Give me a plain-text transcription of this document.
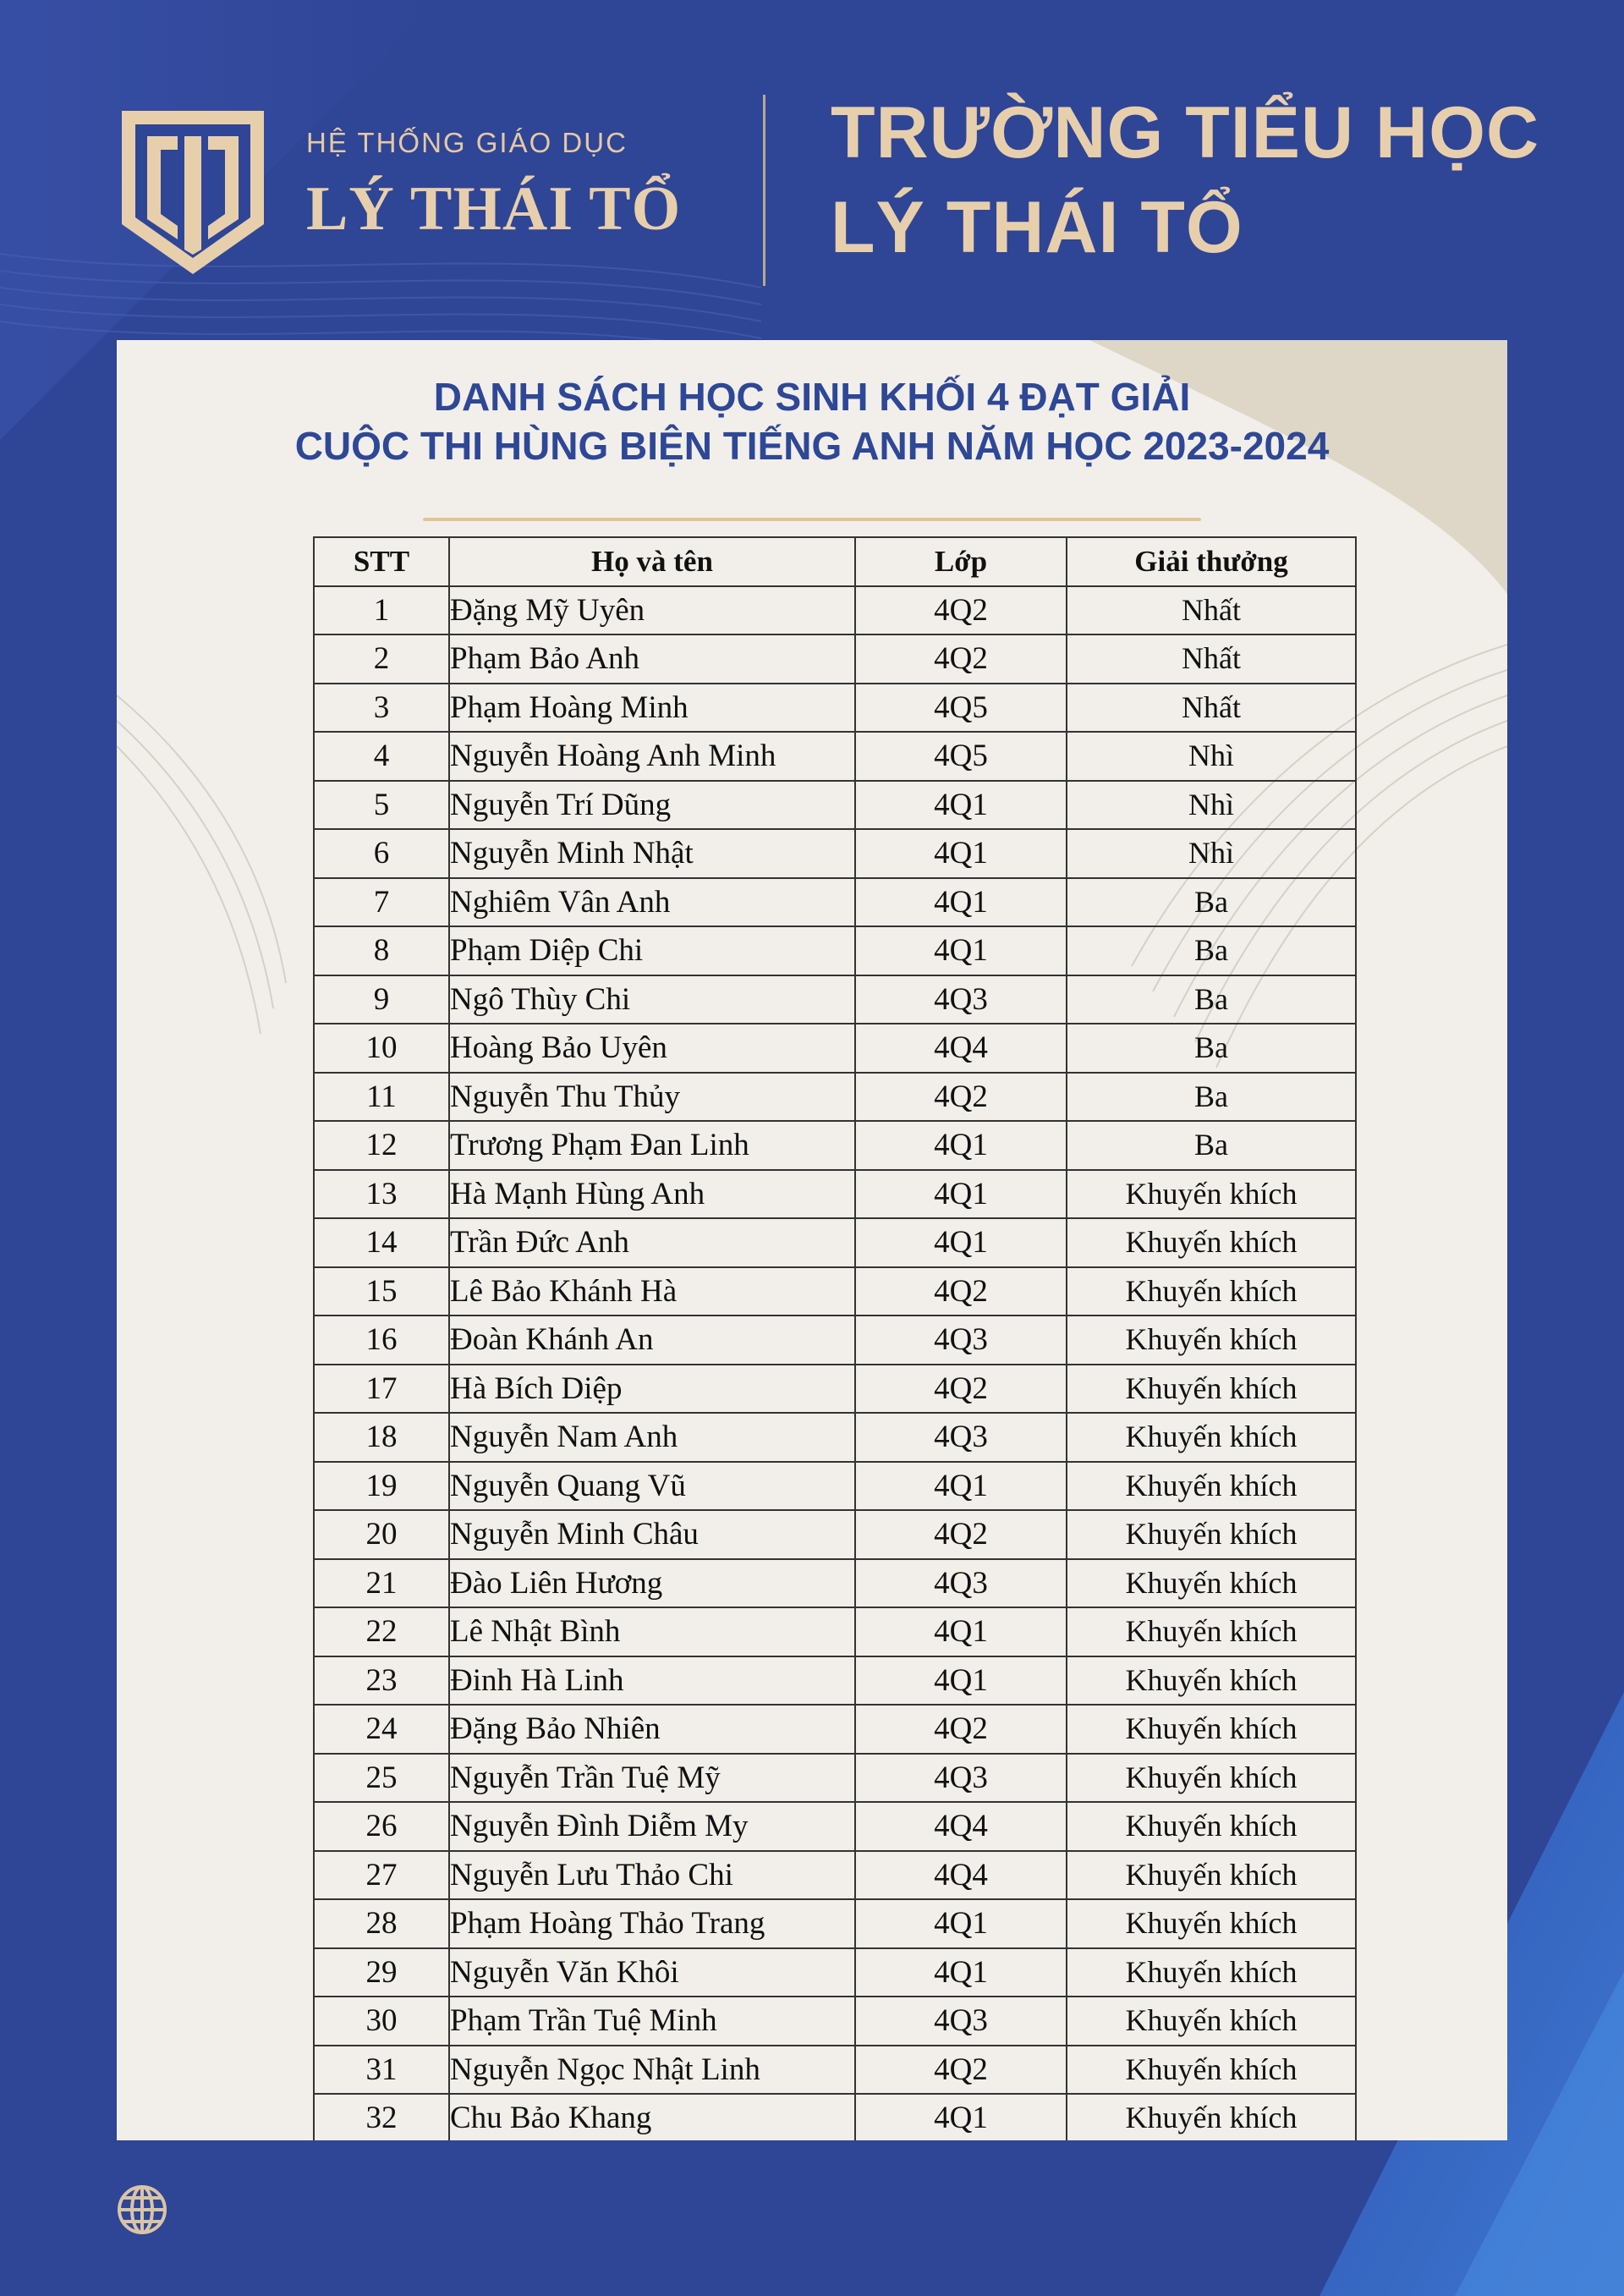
HỆ THỐNG GIÁO DỤC
LÝ THÁI TỔ
TRƯỜNG TIỂU HỌC
LÝ THÁI TỔ
DANH SÁCH HỌC SINH KHỐI 4 ĐẠT GIẢI
CUỘC THI HÙNG BIỆN TIẾNG ANH NĂM HỌC 2023-2024
STT	Họ và tên	Lớp	Giải thưởng
1	Đặng Mỹ Uyên	4Q2	Nhất
2	Phạm Bảo Anh	4Q2	Nhất
3	Phạm Hoàng Minh	4Q5	Nhất
4	Nguyễn Hoàng Anh Minh	4Q5	Nhì
5	Nguyễn Trí Dũng	4Q1	Nhì
6	Nguyễn Minh Nhật	4Q1	Nhì
7	Nghiêm Vân Anh	4Q1	Ba
8	Phạm Diệp Chi	4Q1	Ba
9	Ngô Thùy Chi	4Q3	Ba
10	Hoàng Bảo Uyên	4Q4	Ba
11	Nguyễn Thu Thủy	4Q2	Ba
12	Trương Phạm Đan Linh	4Q1	Ba
13	Hà Mạnh Hùng Anh	4Q1	Khuyến khích
14	Trần Đức Anh	4Q1	Khuyến khích
15	Lê Bảo Khánh Hà	4Q2	Khuyến khích
16	Đoàn Khánh An	4Q3	Khuyến khích
17	Hà Bích Diệp	4Q2	Khuyến khích
18	Nguyễn Nam Anh	4Q3	Khuyến khích
19	Nguyễn Quang Vũ	4Q1	Khuyến khích
20	Nguyễn Minh Châu	4Q2	Khuyến khích
21	Đào Liên Hương	4Q3	Khuyến khích
22	Lê Nhật Bình	4Q1	Khuyến khích
23	Đinh Hà Linh	4Q1	Khuyến khích
24	Đặng Bảo Nhiên	4Q2	Khuyến khích
25	Nguyễn Trần Tuệ Mỹ	4Q3	Khuyến khích
26	Nguyễn Đình Diễm My	4Q4	Khuyến khích
27	Nguyễn Lưu Thảo Chi	4Q4	Khuyến khích
28	Phạm Hoàng Thảo Trang	4Q1	Khuyến khích
29	Nguyễn Văn Khôi	4Q1	Khuyến khích
30	Phạm Trần Tuệ Minh	4Q3	Khuyến khích
31	Nguyễn Ngọc Nhật Linh	4Q2	Khuyến khích
32	Chu Bảo Khang	4Q1	Khuyến khích
